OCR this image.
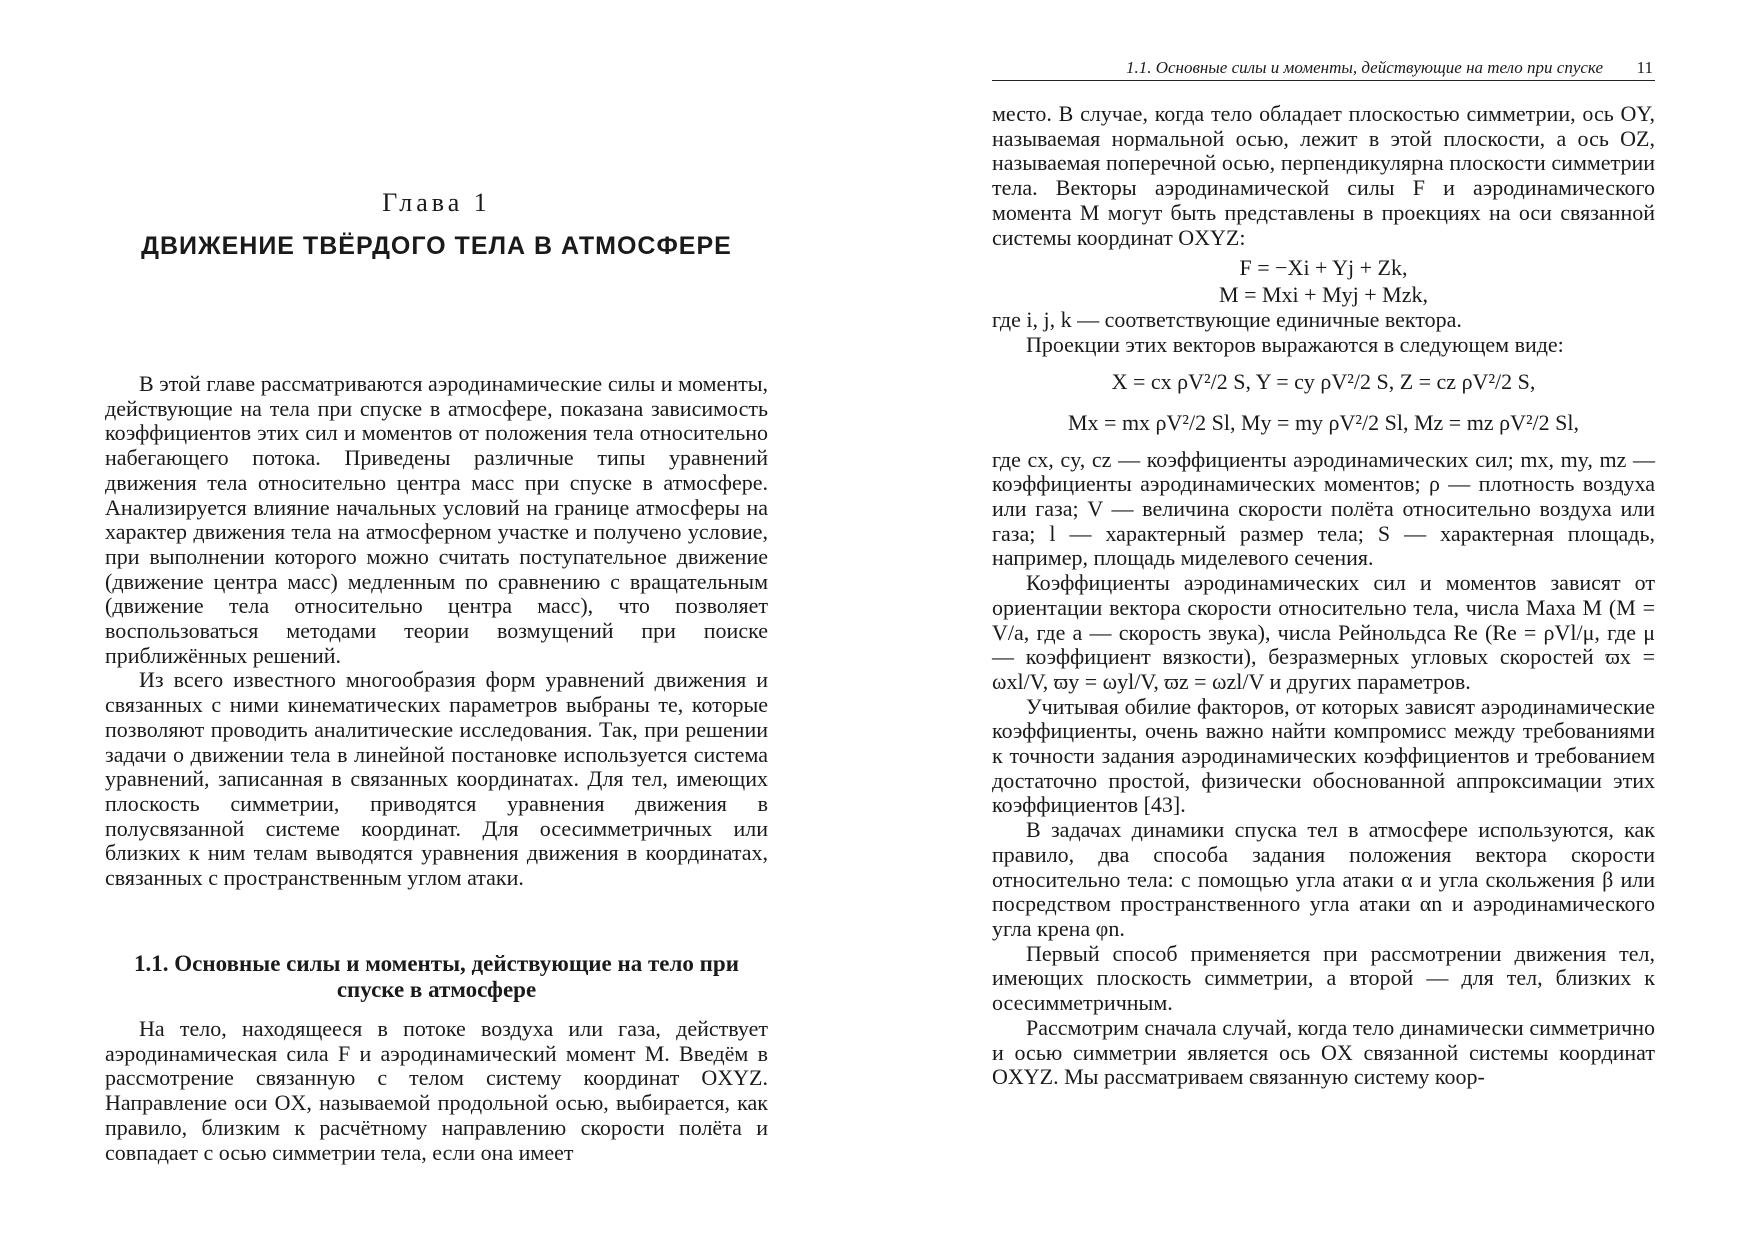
Глава 1
ДВИЖЕНИЕ ТВЁРДОГО ТЕЛА В АТМОСФЕРЕ

В этой главе рассматриваются аэродинамические силы и моменты, действующие на тела при спуске в атмосфере, показана зависимость коэффициентов этих сил и моментов от положения тела относительно набегающего потока. Приведены различные типы уравнений движения тела относительно центра масс при спуске в атмосфере. Анализируется влияние начальных условий на границе атмосферы на характер движения тела на атмосферном участке и получено условие, при выполнении которого можно считать поступательное движение (движение центра масс) медленным по сравнению с вращательным (движение тела относительно центра масс), что позволяет воспользоваться методами теории возмущений при поиске приближённых решений.

Из всего известного многообразия форм уравнений движения и связанных с ними кинематических параметров выбраны те, которые позволяют проводить аналитические исследования. Так, при решении задачи о движении тела в линейной постановке используется система уравнений, записанная в связанных координатах. Для тел, имеющих плоскость симметрии, приводятся уравнения движения в полусвязанной системе координат. Для осесимметричных или близких к ним телам выводятся уравнения движения в координатах, связанных с пространственным углом атаки.

1.1. Основные силы и моменты, действующие на тело при спуске в атмосфере

На тело, находящееся в потоке воздуха или газа, действует аэродинамическая сила F и аэродинамический момент M. Введём в рассмотрение связанную с телом систему координат OXYZ. Направление оси OX, называемой продольной осью, выбирается, как правило, близким к расчётному направлению скорости полёта и совпадает с осью симметрии тела, если она имеет

1.1. Основные силы и моменты, действующие на тело при спуске 11

место. В случае, когда тело обладает плоскостью симметрии, ось OY, называемая нормальной осью, лежит в этой плоскости, а ось OZ, называемая поперечной осью, перпендикулярна плоскости симметрии тела. Векторы аэродинамической силы F и аэродинамического момента M могут быть представлены в проекциях на оси связанной системы координат OXYZ:

F = −Xi + Yj + Zk,
M = Mxi + Myj + Mzk,

где i, j, k — соответствующие единичные вектора.

Проекции этих векторов выражаются в следующем виде:

X = cx ρV²/2 S, Y = cy ρV²/2 S, Z = cz ρV²/2 S,
Mx = mx ρV²/2 Sl, My = my ρV²/2 Sl, Mz = mz ρV²/2 Sl,

где cx, cy, cz — коэффициенты аэродинамических сил; mx, my, mz — коэффициенты аэродинамических моментов; ρ — плотность воздуха или газа; V — величина скорости полёта относительно воздуха или газа; l — характерный размер тела; S — характерная площадь, например, площадь миделевого сечения.

Коэффициенты аэродинамических сил и моментов зависят от ориентации вектора скорости относительно тела, числа Маха M (M = V/a, где a — скорость звука), числа Рейнольдса Re (Re = ρVl/μ, где μ — коэффициент вязкости), безразмерных угловых скоростей ϖx = ωxl/V, ϖy = ωyl/V, ϖz = ωzl/V и других параметров.

Учитывая обилие факторов, от которых зависят аэродинамические коэффициенты, очень важно найти компромисс между требованиями к точности задания аэродинамических коэффициентов и требованием достаточно простой, физически обоснованной аппроксимации этих коэффициентов [43].

В задачах динамики спуска тел в атмосфере используются, как правило, два способа задания положения вектора скорости относительно тела: с помощью угла атаки α и угла скольжения β или посредством пространственного угла атаки αn и аэродинамического угла крена φn.

Первый способ применяется при рассмотрении движения тел, имеющих плоскость симметрии, а второй — для тел, близких к осесимметричным.

Рассмотрим сначала случай, когда тело динамически симметрично и осью симметрии является ось OX связанной системы координат OXYZ. Мы рассматриваем связанную систему коор-
